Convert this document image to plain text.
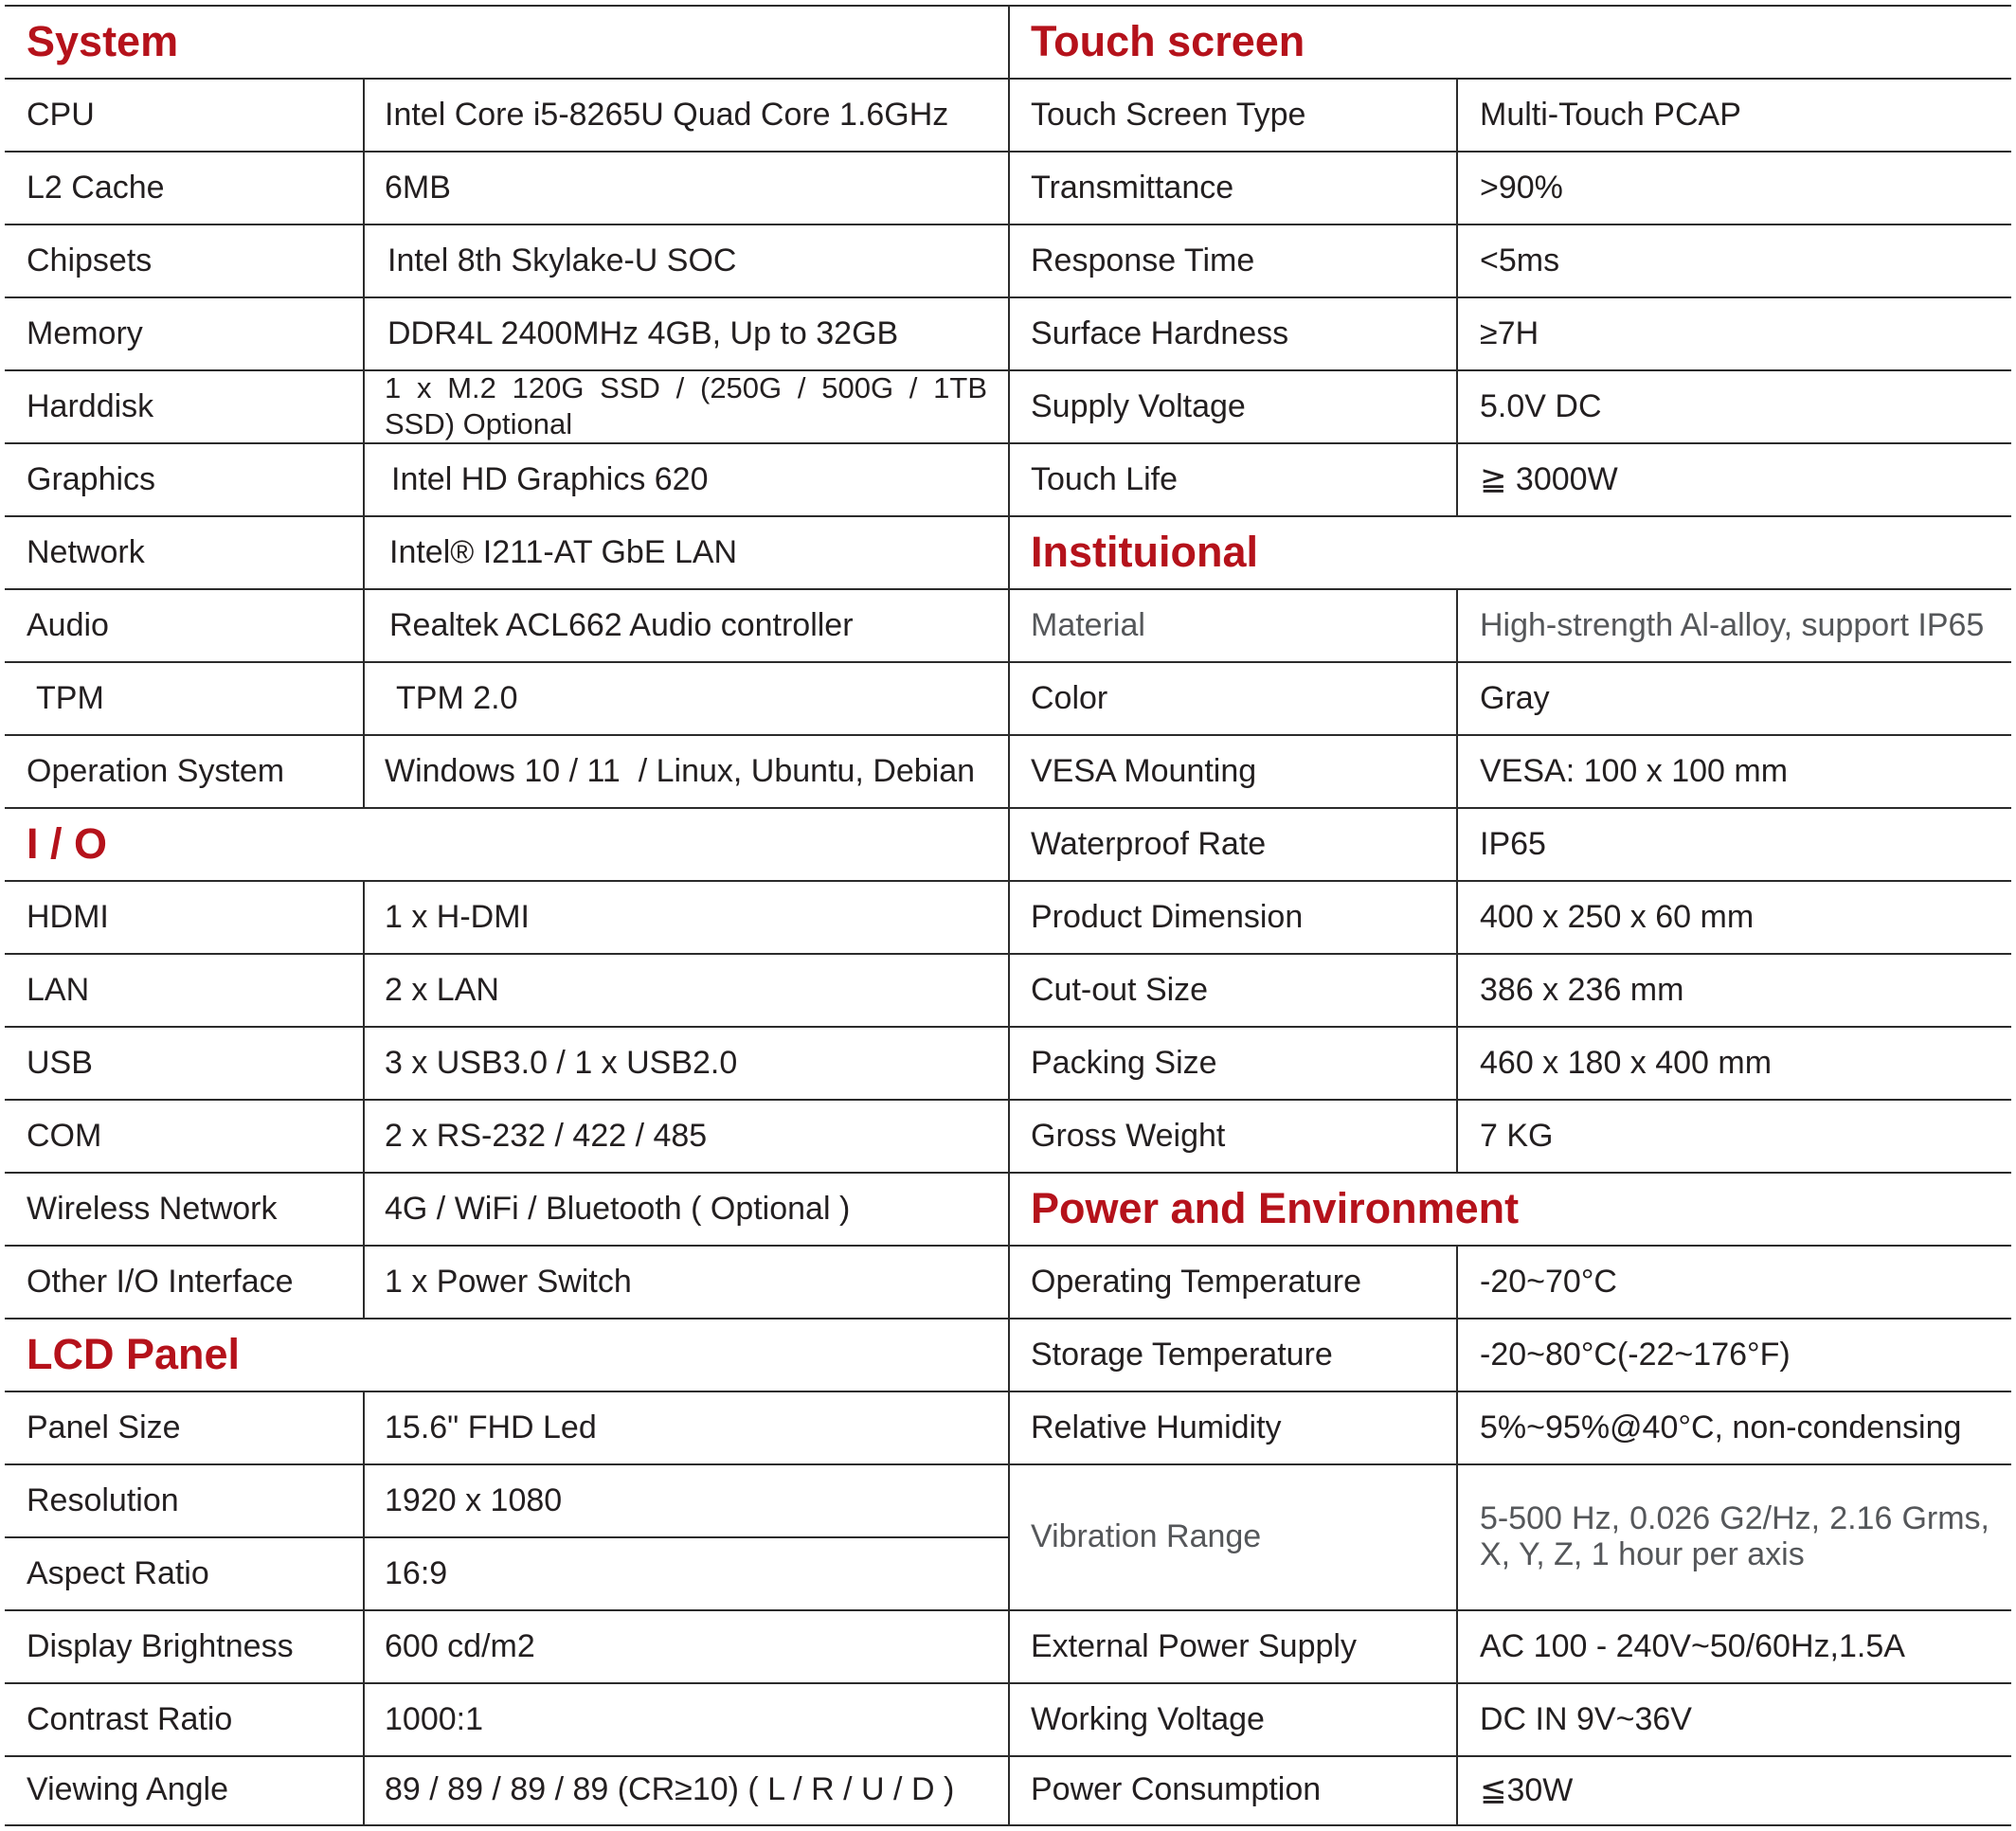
System
CPU	Intel Core i5-8265U Quad Core 1.6GHz
L2 Cache	6MB
Chipsets	Intel 8th Skylake-U SOC
Memory	DDR4L 2400MHz 4GB, Up to 32GB
Harddisk	1 x M.2 120G SSD / (250G / 500G / 1TB SSD) Optional
Graphics	Intel HD Graphics 620
Network	Intel® I211-AT GbE LAN
Audio	Realtek ACL662 Audio controller
TPM	TPM 2.0
Operation System	Windows 10 / 11  / Linux, Ubuntu, Debian
I / O
HDMI	1 x H-DMI
LAN	2 x LAN
USB	3 x USB3.0 / 1 x USB2.0
COM	2 x RS-232 / 422 / 485
Wireless Network	4G / WiFi / Bluetooth ( Optional )
Other I/O Interface	1 x Power Switch
LCD Panel
Panel Size	15.6" FHD Led
Resolution	1920 x 1080
Aspect Ratio	16:9
Display Brightness	600 cd/m2
Contrast Ratio	1000:1
Viewing Angle	89 / 89 / 89 / 89 (CR≥10) ( L / R / U / D )
Touch screen
Touch Screen Type	Multi-Touch PCAP
Transmittance	>90%
Response Time	<5ms
Surface Hardness	≥7H
Supply Voltage	5.0V DC
Touch Life	≧ 3000W
Instituional
Material	High-strength Al-alloy, support IP65
Color	Gray
VESA Mounting	VESA: 100 x 100 mm
Waterproof Rate	IP65
Product Dimension	400 x 250 x 60 mm
Cut-out Size	386 x 236 mm
Packing Size	460 x 180 x 400 mm
Gross Weight	7 KG
Power and Environment
Operating Temperature	-20~70°C
Storage Temperature	-20~80°C(-22~176°F)
Relative Humidity	5%~95%@40°C, non-condensing
Vibration Range	5-500 Hz, 0.026 G2/Hz, 2.16 Grms, X, Y, Z, 1 hour per axis
External Power Supply	AC 100 - 240V~50/60Hz,1.5A
Working Voltage	DC IN 9V~36V
Power Consumption	≦30W
